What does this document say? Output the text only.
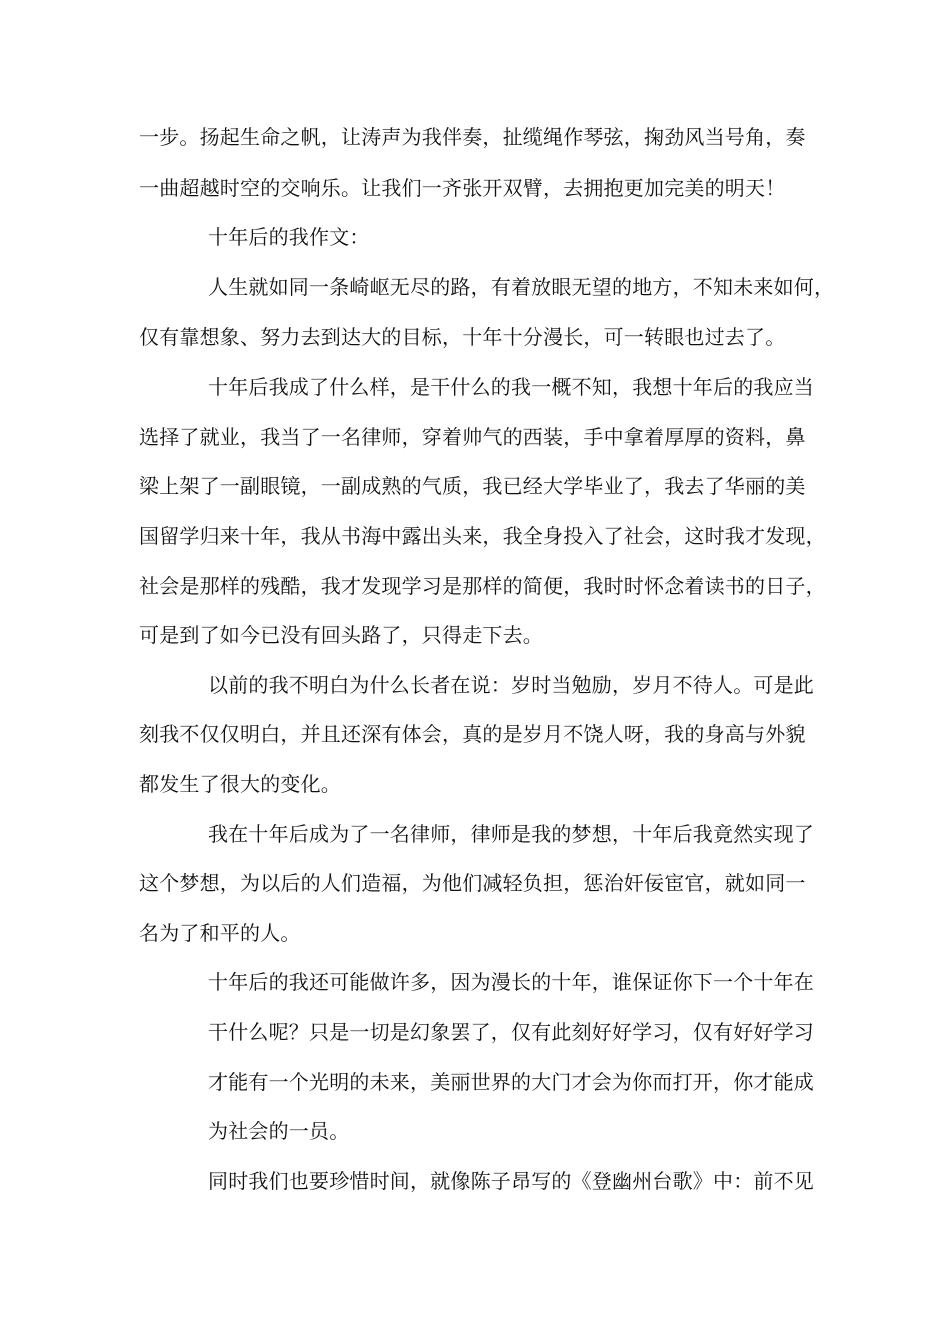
一步。扬起生命之帆，让涛声为我伴奏，扯缆绳作琴弦，掬劲风当号角，奏
一曲超越时空的交响乐。让我们一齐张开双臂，去拥抱更加完美的明天！
十年后的我作文：
人生就如同一条崎岖无尽的路，有着放眼无望的地方，不知未来如何，
仅有靠想象、努力去到达大的目标，十年十分漫长，可一转眼也过去了。
十年后我成了什么样，是干什么的我一概不知，我想十年后的我应当
选择了就业，我当了一名律师，穿着帅气的西装，手中拿着厚厚的资料，鼻
梁上架了一副眼镜，一副成熟的气质，我已经大学毕业了，我去了华丽的美
国留学归来十年，我从书海中露出头来，我全身投入了社会，这时我才发现，
社会是那样的残酷，我才发现学习是那样的简便，我时时怀念着读书的日子，
可是到了如今已没有回头路了，只得走下去。
以前的我不明白为什么长者在说：岁时当勉励，岁月不待人。可是此
刻我不仅仅明白，并且还深有体会，真的是岁月不饶人呀，我的身高与外貌
都发生了很大的变化。
我在十年后成为了一名律师，律师是我的梦想，十年后我竟然实现了
这个梦想，为以后的人们造福，为他们减轻负担，惩治奸佞宦官，就如同一
名为了和平的人。
十年后的我还可能做许多，因为漫长的十年，谁保证你下一个十年在
干什么呢？只是一切是幻象罢了，仅有此刻好好学习，仅有好好学习
才能有一个光明的未来，美丽世界的大门才会为你而打开，你才能成
为社会的一员。
同时我们也要珍惜时间，就像陈子昂写的《登幽州台歌》中：前不见
